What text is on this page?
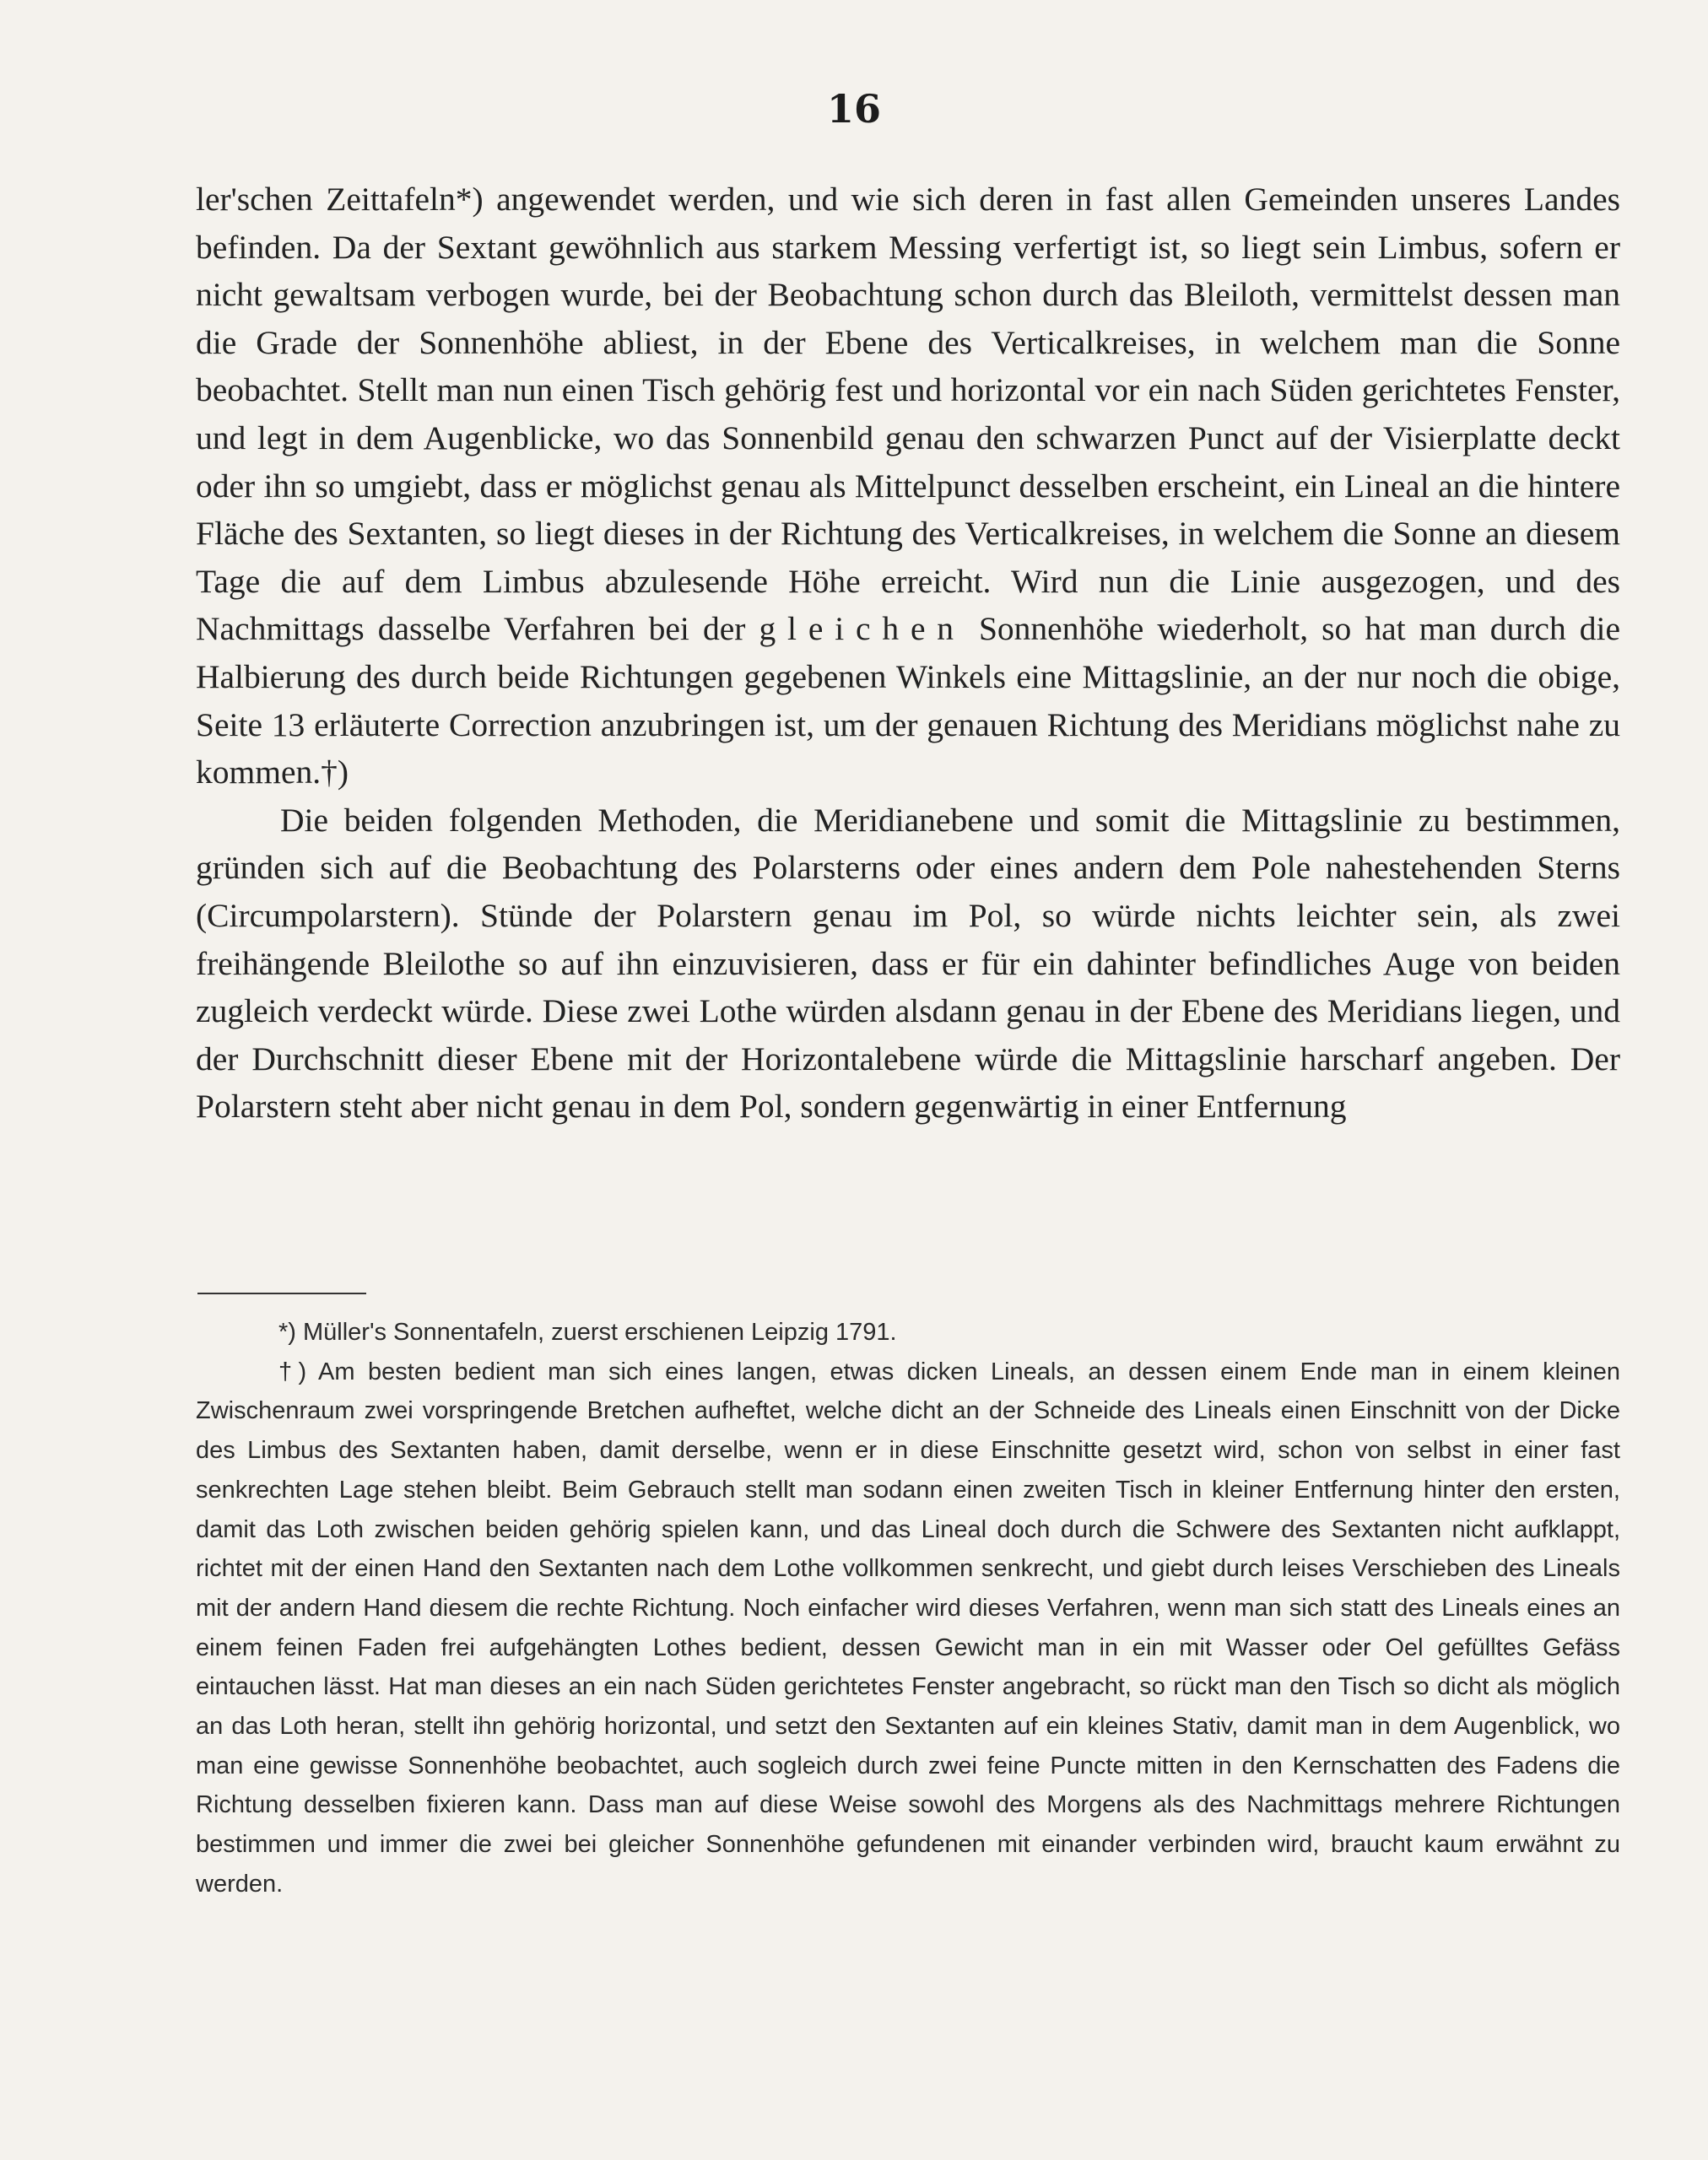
16

ler'schen Zeittafeln*) angewendet werden, und wie sich deren in fast allen Gemeinden unseres Landes befinden. Da der Sextant gewöhnlich aus starkem Messing verfertigt ist, so liegt sein Limbus, sofern er nicht gewaltsam verbogen wurde, bei der Beobachtung schon durch das Bleiloth, vermittelst dessen man die Grade der Sonnenhöhe abliest, in der Ebene des Verticalkreises, in welchem man die Sonne beobachtet. Stellt man nun einen Tisch gehörig fest und horizontal vor ein nach Süden gerichtetes Fenster, und legt in dem Augenblicke, wo das Sonnenbild genau den schwarzen Punct auf der Visierplatte deckt oder ihn so umgiebt, dass er möglichst genau als Mittelpunct desselben erscheint, ein Lineal an die hintere Fläche des Sextanten, so liegt dieses in der Richtung des Verticalkreises, in welchem die Sonne an diesem Tage die auf dem Limbus abzulesende Höhe erreicht. Wird nun die Linie ausgezogen, und des Nachmittags dasselbe Verfahren bei der gleichen Sonnenhöhe wiederholt, so hat man durch die Halbierung des durch beide Richtungen gegebenen Winkels eine Mittagslinie, an der nur noch die obige, Seite 13 erläuterte Correction anzubringen ist, um der genauen Richtung des Meridians möglichst nahe zu kommen.†)

Die beiden folgenden Methoden, die Meridianebene und somit die Mittagslinie zu bestimmen, gründen sich auf die Beobachtung des Polarsterns oder eines andern dem Pole nahestehenden Sterns (Circumpolarstern). Stünde der Polarstern genau im Pol, so würde nichts leichter sein, als zwei freihängende Bleilothe so auf ihn einzuvisieren, dass er für ein dahinter befindliches Auge von beiden zugleich verdeckt würde. Diese zwei Lothe würden alsdann genau in der Ebene des Meridians liegen, und der Durchschnitt dieser Ebene mit der Horizontalebene würde die Mittagslinie harscharf angeben. Der Polarstern steht aber nicht genau in dem Pol, sondern gegenwärtig in einer Entfernung

*) Müller's Sonnentafeln, zuerst erschienen Leipzig 1791.

†) Am besten bedient man sich eines langen, etwas dicken Lineals, an dessen einem Ende man in einem kleinen Zwischenraum zwei vorspringende Bretchen aufheftet, welche dicht an der Schneide des Lineals einen Einschnitt von der Dicke des Limbus des Sextanten haben, damit derselbe, wenn er in diese Einschnitte gesetzt wird, schon von selbst in einer fast senkrechten Lage stehen bleibt. Beim Gebrauch stellt man sodann einen zweiten Tisch in kleiner Entfernung hinter den ersten, damit das Loth zwischen beiden gehörig spielen kann, und das Lineal doch durch die Schwere des Sextanten nicht aufklappt, richtet mit der einen Hand den Sextanten nach dem Lothe vollkommen senkrecht, und giebt durch leises Verschieben des Lineals mit der andern Hand diesem die rechte Richtung. Noch einfacher wird dieses Verfahren, wenn man sich statt des Lineals eines an einem feinen Faden frei aufgehängten Lothes bedient, dessen Gewicht man in ein mit Wasser oder Oel gefülltes Gefäss eintauchen lässt. Hat man dieses an ein nach Süden gerichtetes Fenster angebracht, so rückt man den Tisch so dicht als möglich an das Loth heran, stellt ihn gehörig horizontal, und setzt den Sextanten auf ein kleines Stativ, damit man in dem Augenblick, wo man eine gewisse Sonnenhöhe beobachtet, auch sogleich durch zwei feine Puncte mitten in den Kernschatten des Fadens die Richtung desselben fixieren kann. Dass man auf diese Weise sowohl des Morgens als des Nachmittags mehrere Richtungen bestimmen und immer die zwei bei gleicher Sonnenhöhe gefundenen mit einander verbinden wird, braucht kaum erwähnt zu werden.
